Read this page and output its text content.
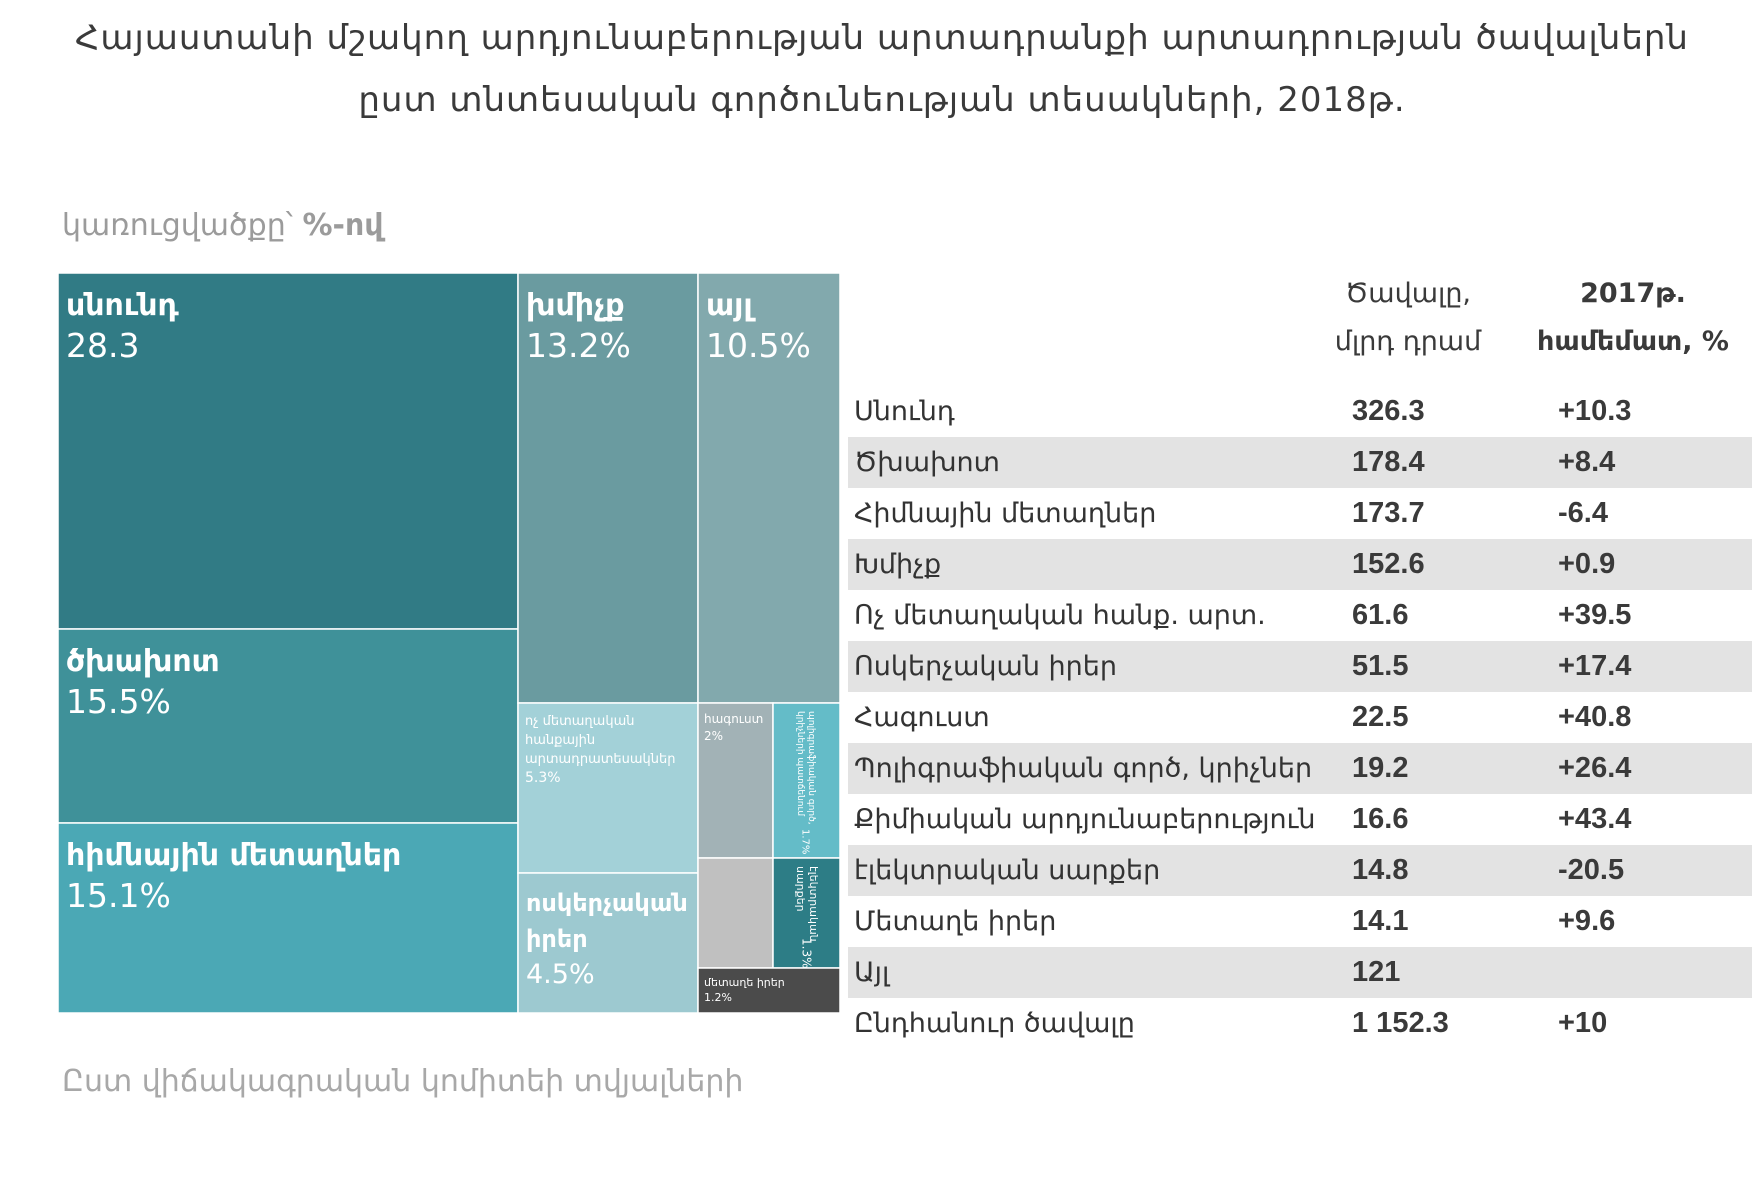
Հայաստանի մշակող արդյունաբերության արտադրանքի արտադրության ծավալներն
ըստ տնտեսական գործունեության տեսակների, 2018թ.
կառուցվածքը՝ %-ով
սնունդ
28.3
ծխախոտ
15.5%
հիմնային մետաղներ
15.1%
խմիչք
13.2%
այլ
10.5%
ոչ մետաղական
հանքային
արտադրատեսակներ
5.3%
ոսկերչական
իրեր
4.5%
հագուստ
2%	պոլիգրաֆիական գործ,
կրիչների պատճենում
1.7%
էլեկտրական
սարքեր
1.3%
մետաղե իրեր
1.2%
Ծավալը,
մլրդ դրամ
2017թ.
համեմատ, %
Սնունդ	326.3	+10.3
Ծխախոտ	178.4	+8.4
Հիմնային մետաղներ	173.7	-6.4
Խմիչք	152.6	+0.9
Ոչ մետաղական հանք. արտ.	61.6	+39.5
Ոսկերչական իրեր	51.5	+17.4
Հագուստ	22.5	+40.8
Պոլիգրաֆիական գործ, կրիչներ 19.2	+26.4
Քիմիական արդյունաբերություն 16.6	+43.4
էլեկտրական սարքեր	14.8	-20.5
Մետաղե իրեր	14.1	+9.6
Այլ	121
Ընդհանուր ծավալը	1 152.3	+10
Ըստ վիճակագրական կոմիտեի տվյալների
